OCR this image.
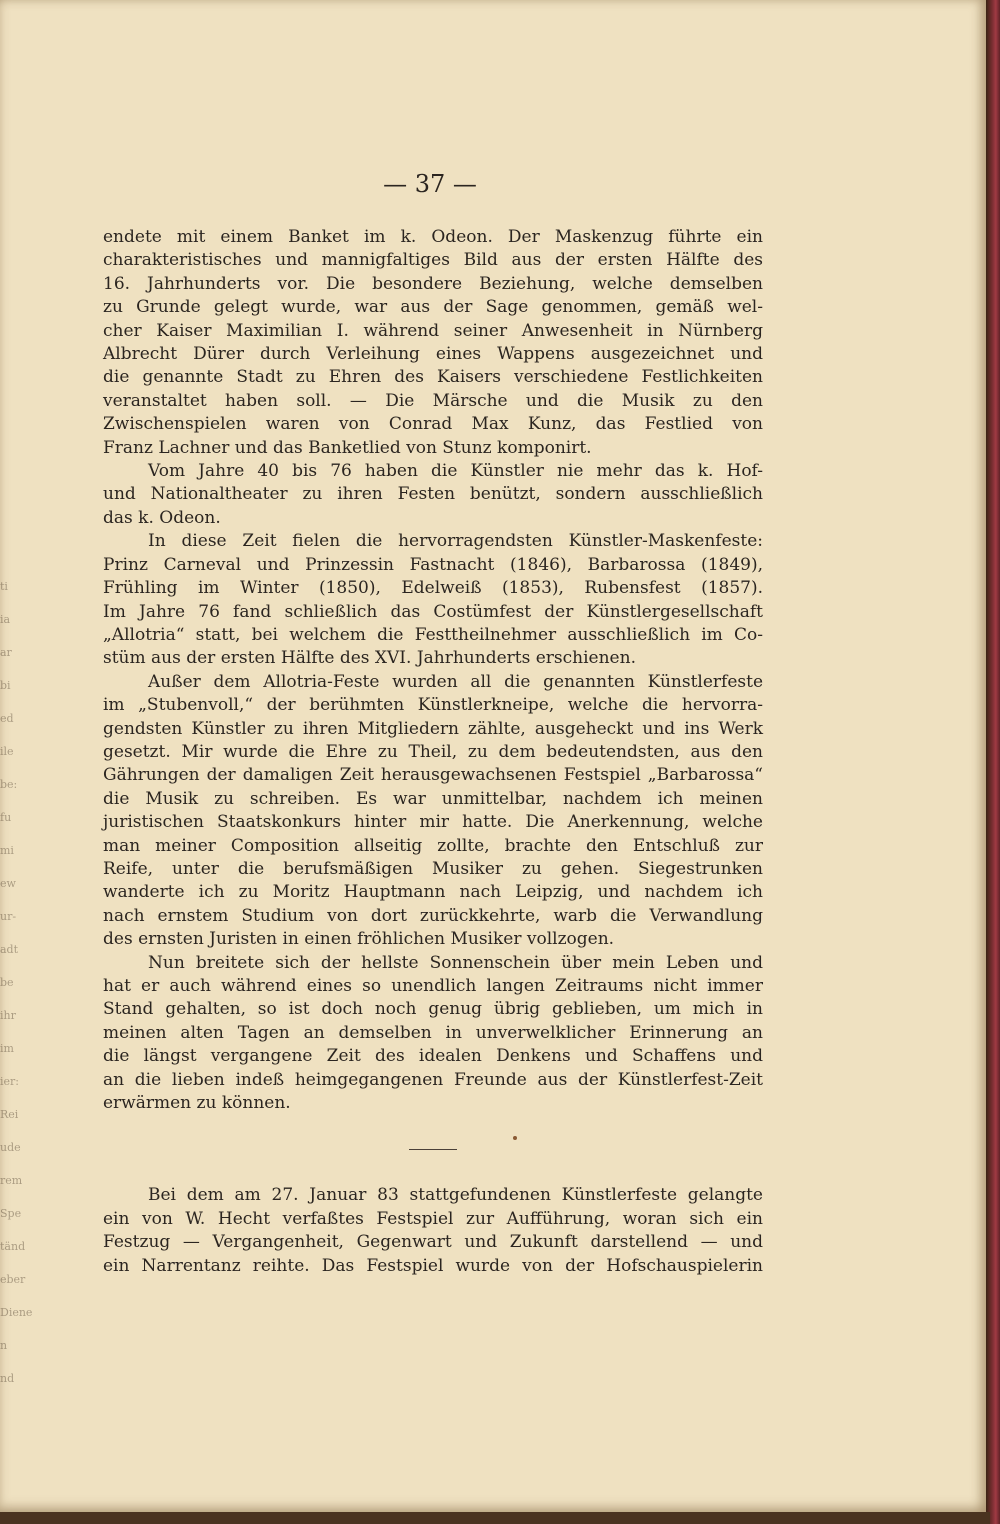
ti
ia
ar
bi
ed
ile
be:
fu
mi
ew
ur-
adt
be
ihr
im
ier:
Rei
ude
rem
Spe
tänd
eber
Diene
n
nd
— 37 —
endete mit einem Banket im k. Odeon. Der Maskenzug führte ein
charakteristisches und mannigfaltiges Bild aus der ersten Hälfte des
16. Jahrhunderts vor. Die besondere Beziehung, welche demselben
zu Grunde gelegt wurde, war aus der Sage genommen, gemäß wel-
cher Kaiser Maximilian I. während seiner Anwesenheit in Nürnberg
Albrecht Dürer durch Verleihung eines Wappens ausgezeichnet und
die genannte Stadt zu Ehren des Kaisers verschiedene Festlichkeiten
veranstaltet haben soll. — Die Märsche und die Musik zu den
Zwischenspielen waren von Conrad Max Kunz, das Festlied von
Franz Lachner und das Banketlied von Stunz komponirt.
Vom Jahre 40 bis 76 haben die Künstler nie mehr das k. Hof-
und Nationaltheater zu ihren Festen benützt, sondern ausschließlich
das k. Odeon.
In diese Zeit fielen die hervorragendsten Künstler-Maskenfeste:
Prinz Carneval und Prinzessin Fastnacht (1846), Barbarossa (1849),
Frühling im Winter (1850), Edelweiß (1853), Rubensfest (1857).
Im Jahre 76 fand schließlich das Costümfest der Künstlergesellschaft
„Allotria“ statt, bei welchem die Festtheilnehmer ausschließlich im Co-
stüm aus der ersten Hälfte des XVI. Jahrhunderts erschienen.
Außer dem Allotria-Feste wurden all die genannten Künstlerfeste
im „Stubenvoll,“ der berühmten Künstlerkneipe, welche die hervorra-
gendsten Künstler zu ihren Mitgliedern zählte, ausgeheckt und ins Werk
gesetzt. Mir wurde die Ehre zu Theil, zu dem bedeutendsten, aus den
Gährungen der damaligen Zeit herausgewachsenen Festspiel „Barbarossa“
die Musik zu schreiben. Es war unmittelbar, nachdem ich meinen
juristischen Staatskonkurs hinter mir hatte. Die Anerkennung, welche
man meiner Composition allseitig zollte, brachte den Entschluß zur
Reife, unter die berufsmäßigen Musiker zu gehen. Siegestrunken
wanderte ich zu Moritz Hauptmann nach Leipzig, und nachdem ich
nach ernstem Studium von dort zurückkehrte, warb die Verwandlung
des ernsten Juristen in einen fröhlichen Musiker vollzogen.
Nun breitete sich der hellste Sonnenschein über mein Leben und
hat er auch während eines so unendlich langen Zeitraums nicht immer
Stand gehalten, so ist doch noch genug übrig geblieben, um mich in
meinen alten Tagen an demselben in unverwelklicher Erinnerung an
die längst vergangene Zeit des idealen Denkens und Schaffens und
an die lieben indeß heimgegangenen Freunde aus der Künstlerfest-Zeit
erwärmen zu können.
Bei dem am 27. Januar 83 stattgefundenen Künstlerfeste gelangte
ein von W. Hecht verfaßtes Festspiel zur Aufführung, woran sich ein
Festzug — Vergangenheit, Gegenwart und Zukunft darstellend — und
ein Narrentanz reihte. Das Festspiel wurde von der Hofschauspielerin
